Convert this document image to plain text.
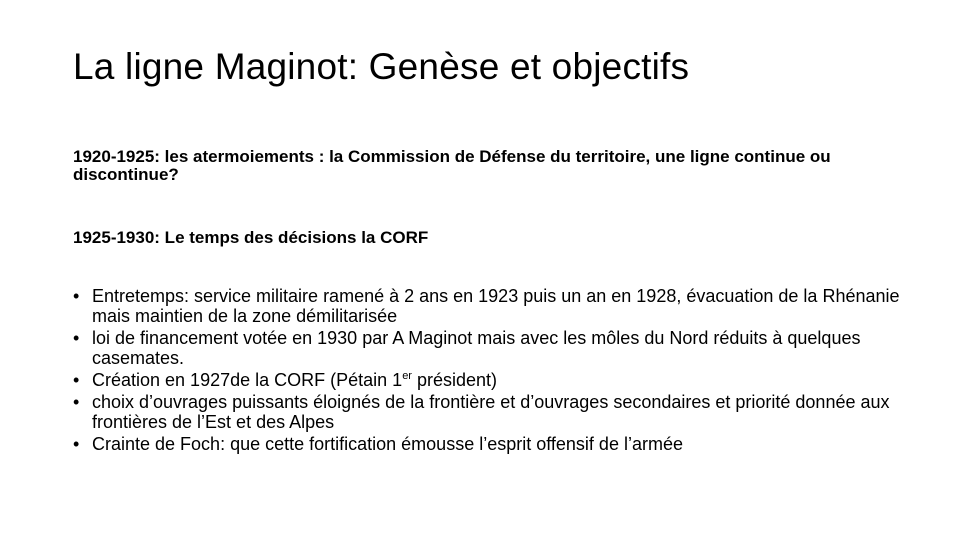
La ligne Maginot: Genèse et objectifs
1920-1925: les atermoiements : la Commission de Défense du territoire, une ligne continue ou discontinue?
1925-1930: Le temps des décisions la CORF
• Entretemps: service militaire ramené à 2 ans en 1923 puis un an en 1928, évacuation de la Rhénanie mais maintien de la zone démilitarisée
• loi de financement votée en 1930 par A Maginot mais avec les môles du Nord réduits à quelques casemates.
• Création en 1927de la CORF (Pétain 1er président)
• choix d’ouvrages puissants éloignés de la frontière et d’ouvrages secondaires et priorité donnée aux frontières de l’Est et des Alpes
• Crainte de Foch: que cette fortification émousse l’esprit offensif de l’armée
